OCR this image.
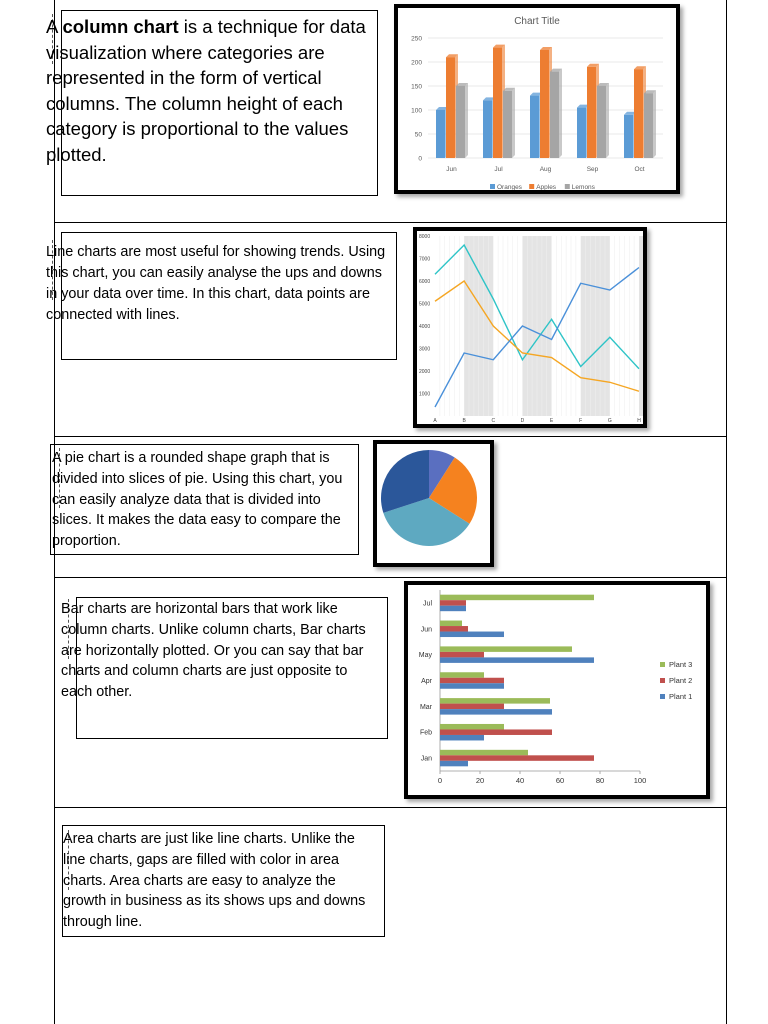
A column chart is a technique for data visualization where categories are represented in the form of vertical columns. The column height of each category is proportional to the values plotted.
Chart Title
0
50
100
150
200
250
Jun	Jul	Aug	Sep	Oct
Oranges Apples Lemons
Line charts are most useful for showing trends. Using this chart, you can easily analyse the ups and downs in your data over time. In this chart, data points are connected with lines.
1000
2000
3000
4000
5000
6000
7000
8000
A	B	C	D	E	F	G	H
A pie chart is a rounded shape graph that is divided into slices of pie. Using this chart, you can easily analyze data that is divided into slices. It makes the data easy to compare the proportion.
Bar charts are horizontal bars that work like column charts. Unlike column charts, Bar charts are horizontally plotted. Or you can say that bar charts and column charts are just opposite to each other.
Jan
Feb
Mar
Apr
May
Jun
Jul
0	20	40	60	80	100
Plant 3
Plant 2
Plant 1
Area charts are just like line charts. Unlike the line charts, gaps are filled with color in area charts. Area charts are easy to analyze the growth in business as its shows ups and downs through line.
